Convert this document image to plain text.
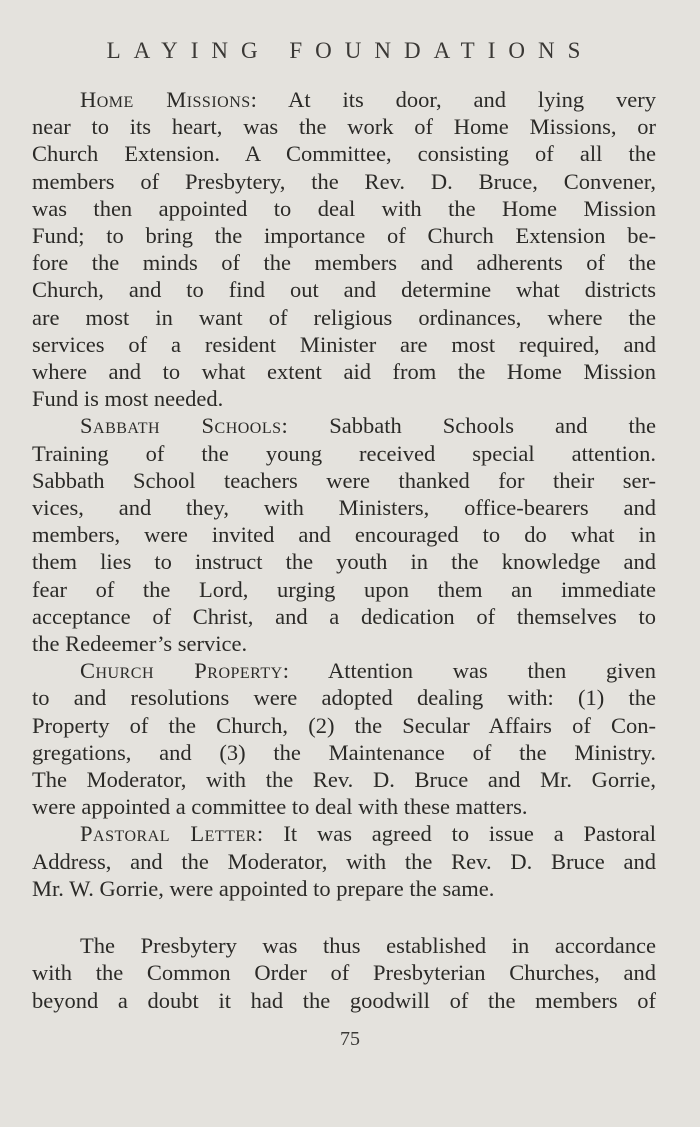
LAYING FOUNDATIONS
Home Missions: At its door, and lying very
near to its heart, was the work of Home Missions, or
Church Extension. A Committee, consisting of all the
members of Presbytery, the Rev. D. Bruce, Convener,
was then appointed to deal with the Home Mission
Fund; to bring the importance of Church Extension be-
fore the minds of the members and adherents of the
Church, and to find out and determine what districts
are most in want of religious ordinances, where the
services of a resident Minister are most required, and
where and to what extent aid from the Home Mission
Fund is most needed.
Sabbath Schools: Sabbath Schools and the
Training of the young received special attention.
Sabbath School teachers were thanked for their ser-
vices, and they, with Ministers, office-bearers and
members, were invited and encouraged to do what in
them lies to instruct the youth in the knowledge and
fear of the Lord, urging upon them an immediate
acceptance of Christ, and a dedication of themselves to
the Redeemer’s service.
Church Property: Attention was then given
to and resolutions were adopted dealing with: (1) the
Property of the Church, (2) the Secular Affairs of Con-
gregations, and (3) the Maintenance of the Ministry.
The Moderator, with the Rev. D. Bruce and Mr. Gorrie,
were appointed a committee to deal with these matters.
Pastoral Letter: It was agreed to issue a Pastoral
Address, and the Moderator, with the Rev. D. Bruce and
Mr. W. Gorrie, were appointed to prepare the same.
The Presbytery was thus established in accordance
with the Common Order of Presbyterian Churches, and
beyond a doubt it had the goodwill of the members of
75
